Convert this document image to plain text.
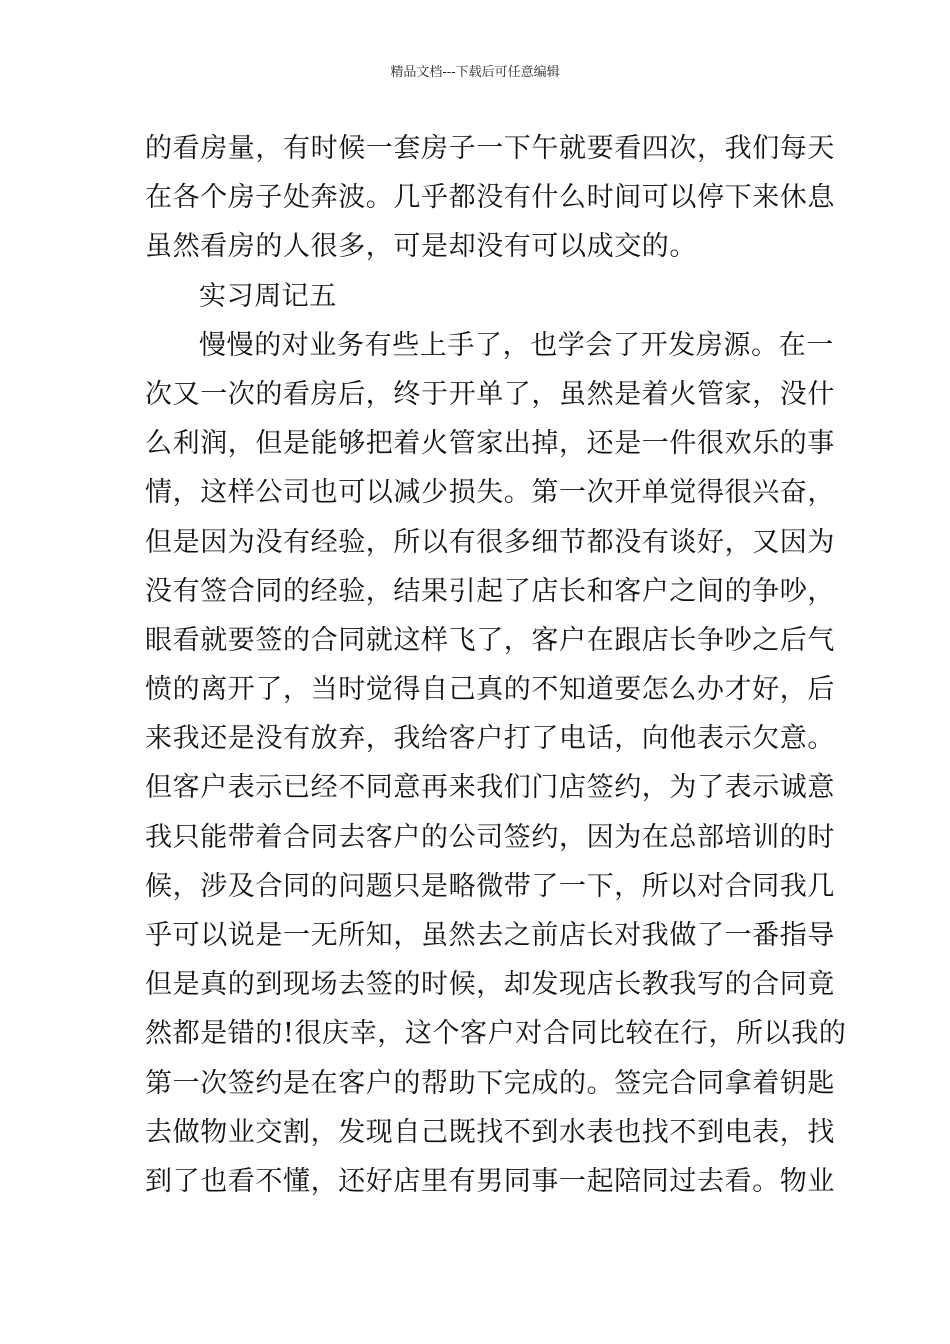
精品文档---下载后可任意编辑
的看房量，有时候一套房子一下午就要看四次，我们每天
在各个房子处奔波。几乎都没有什么时间可以停下来休息
虽然看房的人很多，可是却没有可以成交的。
实习周记五
慢慢的对业务有些上手了，也学会了开发房源。在一
次又一次的看房后，终于开单了，虽然是着火管家，没什
么利润，但是能够把着火管家出掉，还是一件很欢乐的事
情，这样公司也可以减少损失。第一次开单觉得很兴奋，
但是因为没有经验，所以有很多细节都没有谈好，又因为
没有签合同的经验，结果引起了店长和客户之间的争吵，
眼看就要签的合同就这样飞了，客户在跟店长争吵之后气
愤的离开了，当时觉得自己真的不知道要怎么办才好，后
来我还是没有放弃，我给客户打了电话，向他表示欠意。
但客户表示已经不同意再来我们门店签约，为了表示诚意
我只能带着合同去客户的公司签约，因为在总部培训的时
候，涉及合同的问题只是略微带了一下，所以对合同我几
乎可以说是一无所知，虽然去之前店长对我做了一番指导
但是真的到现场去签的时候，却发现店长教我写的合同竟
然都是错的!很庆幸，这个客户对合同比较在行，所以我的
第一次签约是在客户的帮助下完成的。签完合同拿着钥匙
去做物业交割，发现自己既找不到水表也找不到电表，找
到了也看不懂，还好店里有男同事一起陪同过去看。物业
